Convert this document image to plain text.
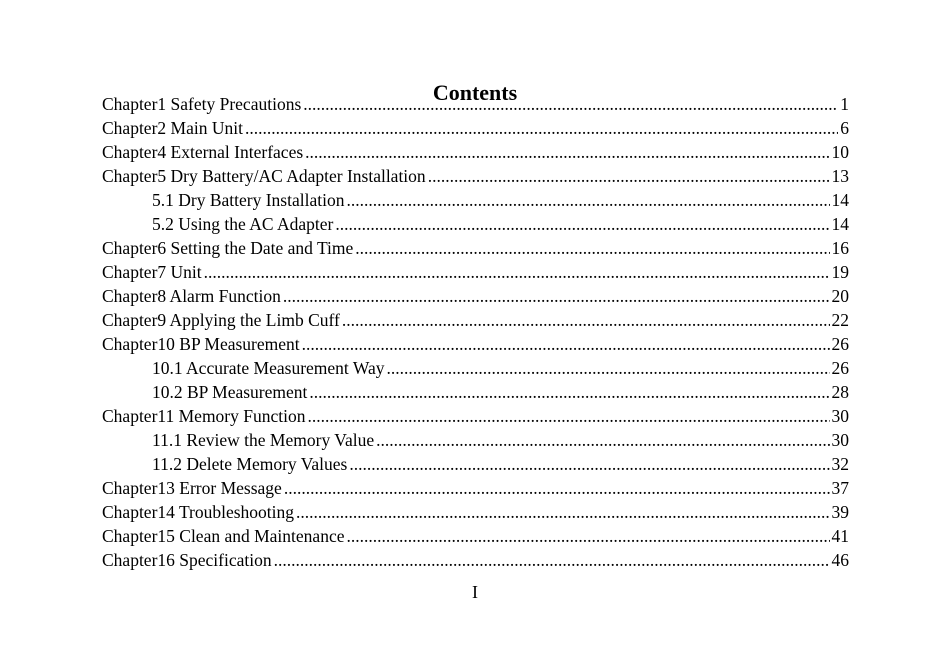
Contents
Chapter1 Safety Precautions .....	1
Chapter2 Main Unit .....	6
Chapter4 External Interfaces .....	10
Chapter5 Dry Battery/AC Adapter Installation .....	13
5.1 Dry Battery Installation .....	14
5.2 Using the AC Adapter .....	14
Chapter6 Setting the Date and Time .....	16
Chapter7 Unit .....	19
Chapter8 Alarm Function .....	20
Chapter9 Applying the Limb Cuff .....	22
Chapter10 BP Measurement .....	26
10.1 Accurate Measurement Way .....	26
10.2 BP Measurement .....	28
Chapter11 Memory Function .....	30
11.1 Review the Memory Value .....	30
11.2 Delete Memory Values .....	32
Chapter13 Error Message .....	37
Chapter14 Troubleshooting .....	39
Chapter15 Clean and Maintenance .....	41
Chapter16 Specification .....	46
I
